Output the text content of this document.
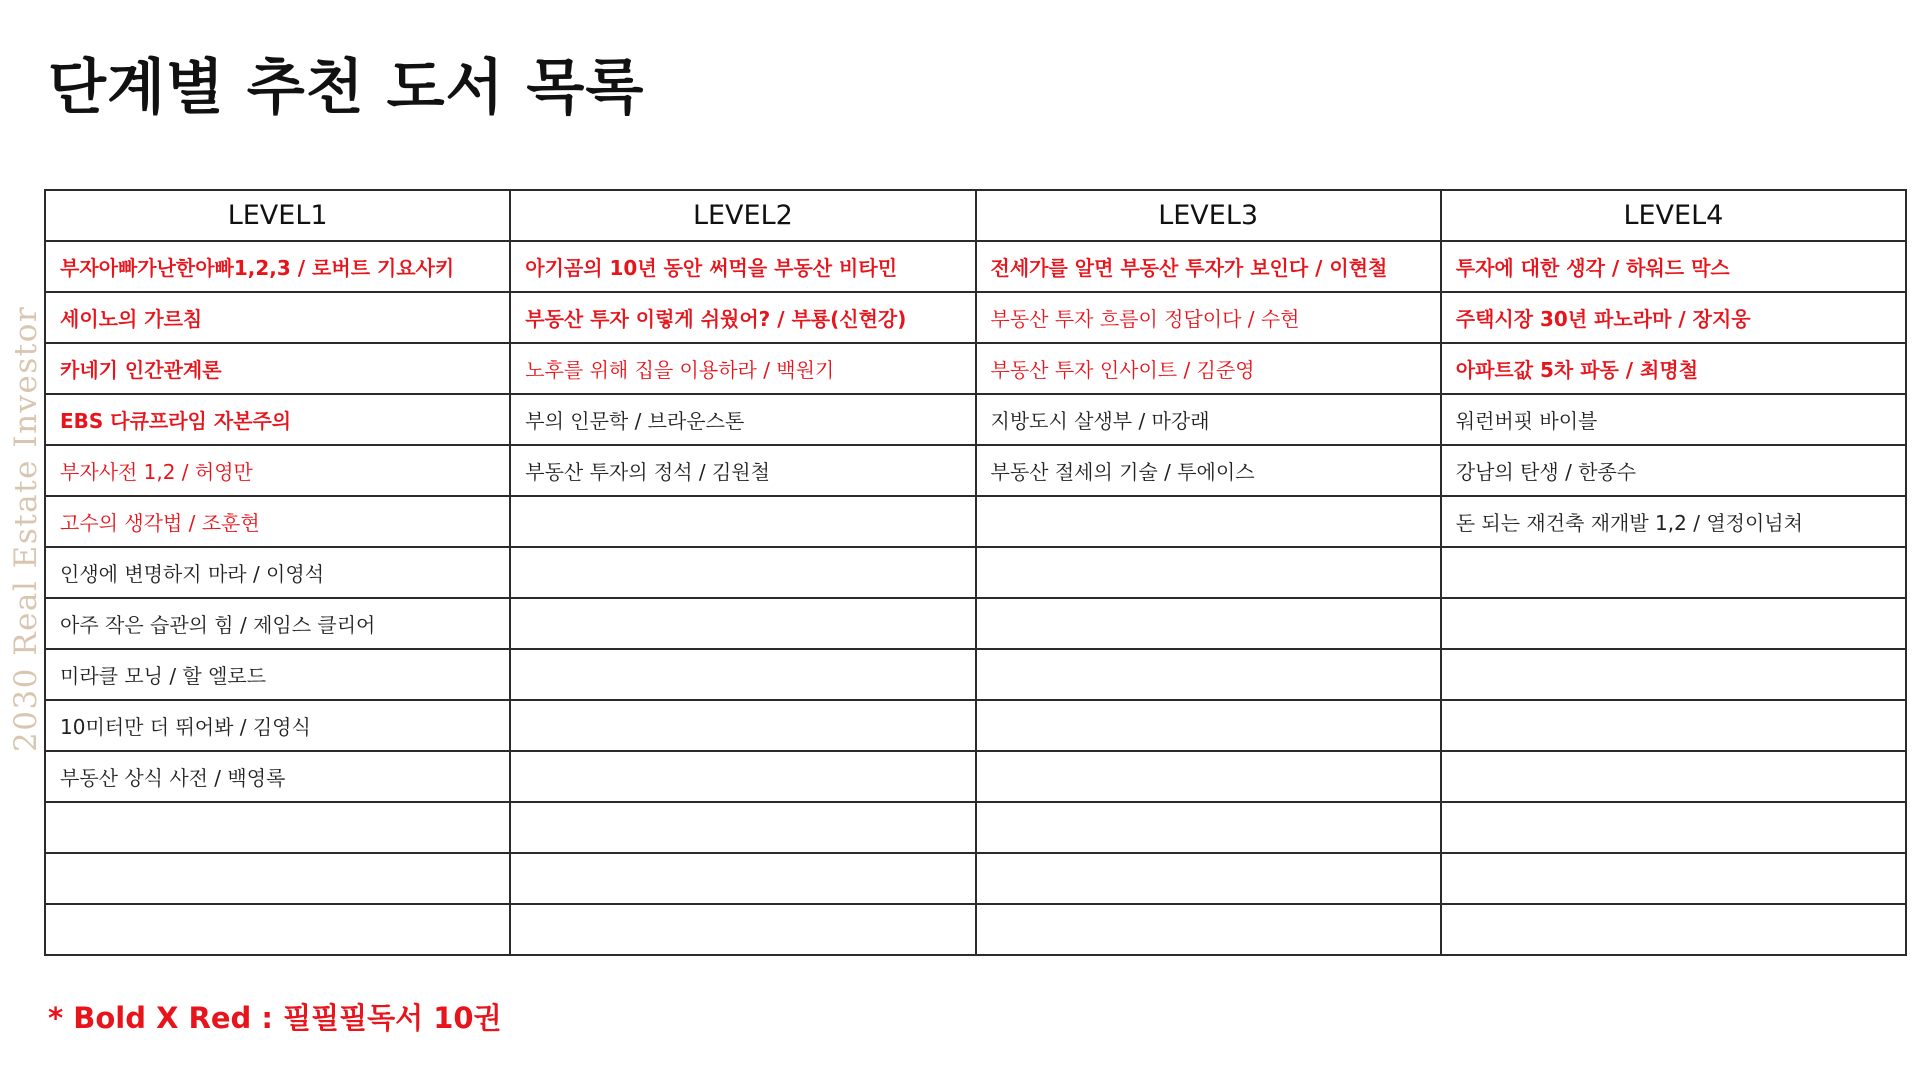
단계별 추천 도서 목록
2030 Real Estate Investor
LEVEL1	LEVEL2	LEVEL3	LEVEL4
부자아빠가난한아빠1,2,3 / 로버트 기요사키	아기곰의 10년 동안 써먹을 부동산 비타민	전세가를 알면 부동산 투자가 보인다 / 이현철	투자에 대한 생각 / 하워드 막스
세이노의 가르침	부동산 투자 이렇게 쉬웠어? / 부룡(신현강)	부동산 투자 흐름이 정답이다 / 수현	주택시장 30년 파노라마 / 장지웅
카네기 인간관계론	노후를 위해 집을 이용하라 / 백원기	부동산 투자 인사이트 / 김준영	아파트값 5차 파동 / 최명철
EBS 다큐프라임 자본주의	부의 인문학 / 브라운스톤	지방도시 살생부 / 마강래	워런버핏 바이블
부자사전 1,2 / 허영만	부동산 투자의 정석 / 김원철	부동산 절세의 기술 / 투에이스	강남의 탄생 / 한종수
고수의 생각법 / 조훈현			돈 되는 재건축 재개발 1,2 / 열정이넘쳐
인생에 변명하지 마라 / 이영석			
아주 작은 습관의 힘 / 제임스 클리어			
미라클 모닝 / 할 엘로드			
10미터만 더 뛰어봐 / 김영식			
부동산 상식 사전 / 백영록			

* Bold X Red : 필필필독서 10권
